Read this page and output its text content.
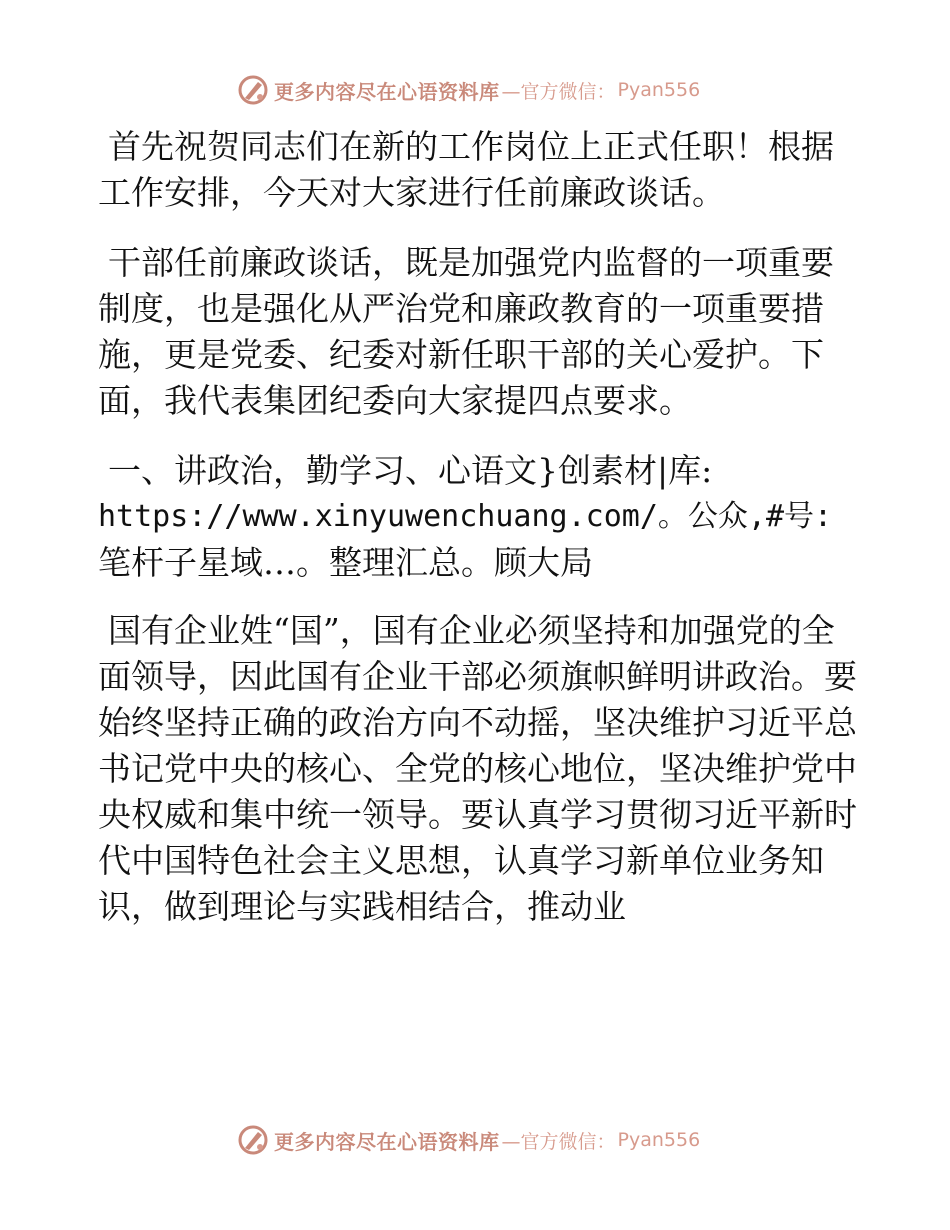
更多内容尽在心语资料库 —官方微信： Pyan556

首先祝贺同志们在新的工作岗位上正式任职！根据工作安排，今天对大家进行任前廉政谈话。

干部任前廉政谈话，既是加强党内监督的一项重要制度，也是强化从严治党和廉政教育的一项重要措施，更是党委、纪委对新任职干部的关心爱护。下面，我代表集团纪委向大家提四点要求。

一、讲政治，勤学习、心语文}创素材|库:
https://www.xinyuwenchuang.com/。公众,#号:
笔杆子星域…。整理汇总。顾大局

国有企业姓“国”，国有企业必须坚持和加强党的全面领导，因此国有企业干部必须旗帜鲜明讲政治。要始终坚持正确的政治方向不动摇，坚决维护习近平总书记党中央的核心、全党的核心地位，坚决维护党中央权威和集中统一领导。要认真学习贯彻习近平新时代中国特色社会主义思想，认真学习新单位业务知识，做到理论与实践相结合，推动业

更多内容尽在心语资料库 —官方微信： Pyan556
